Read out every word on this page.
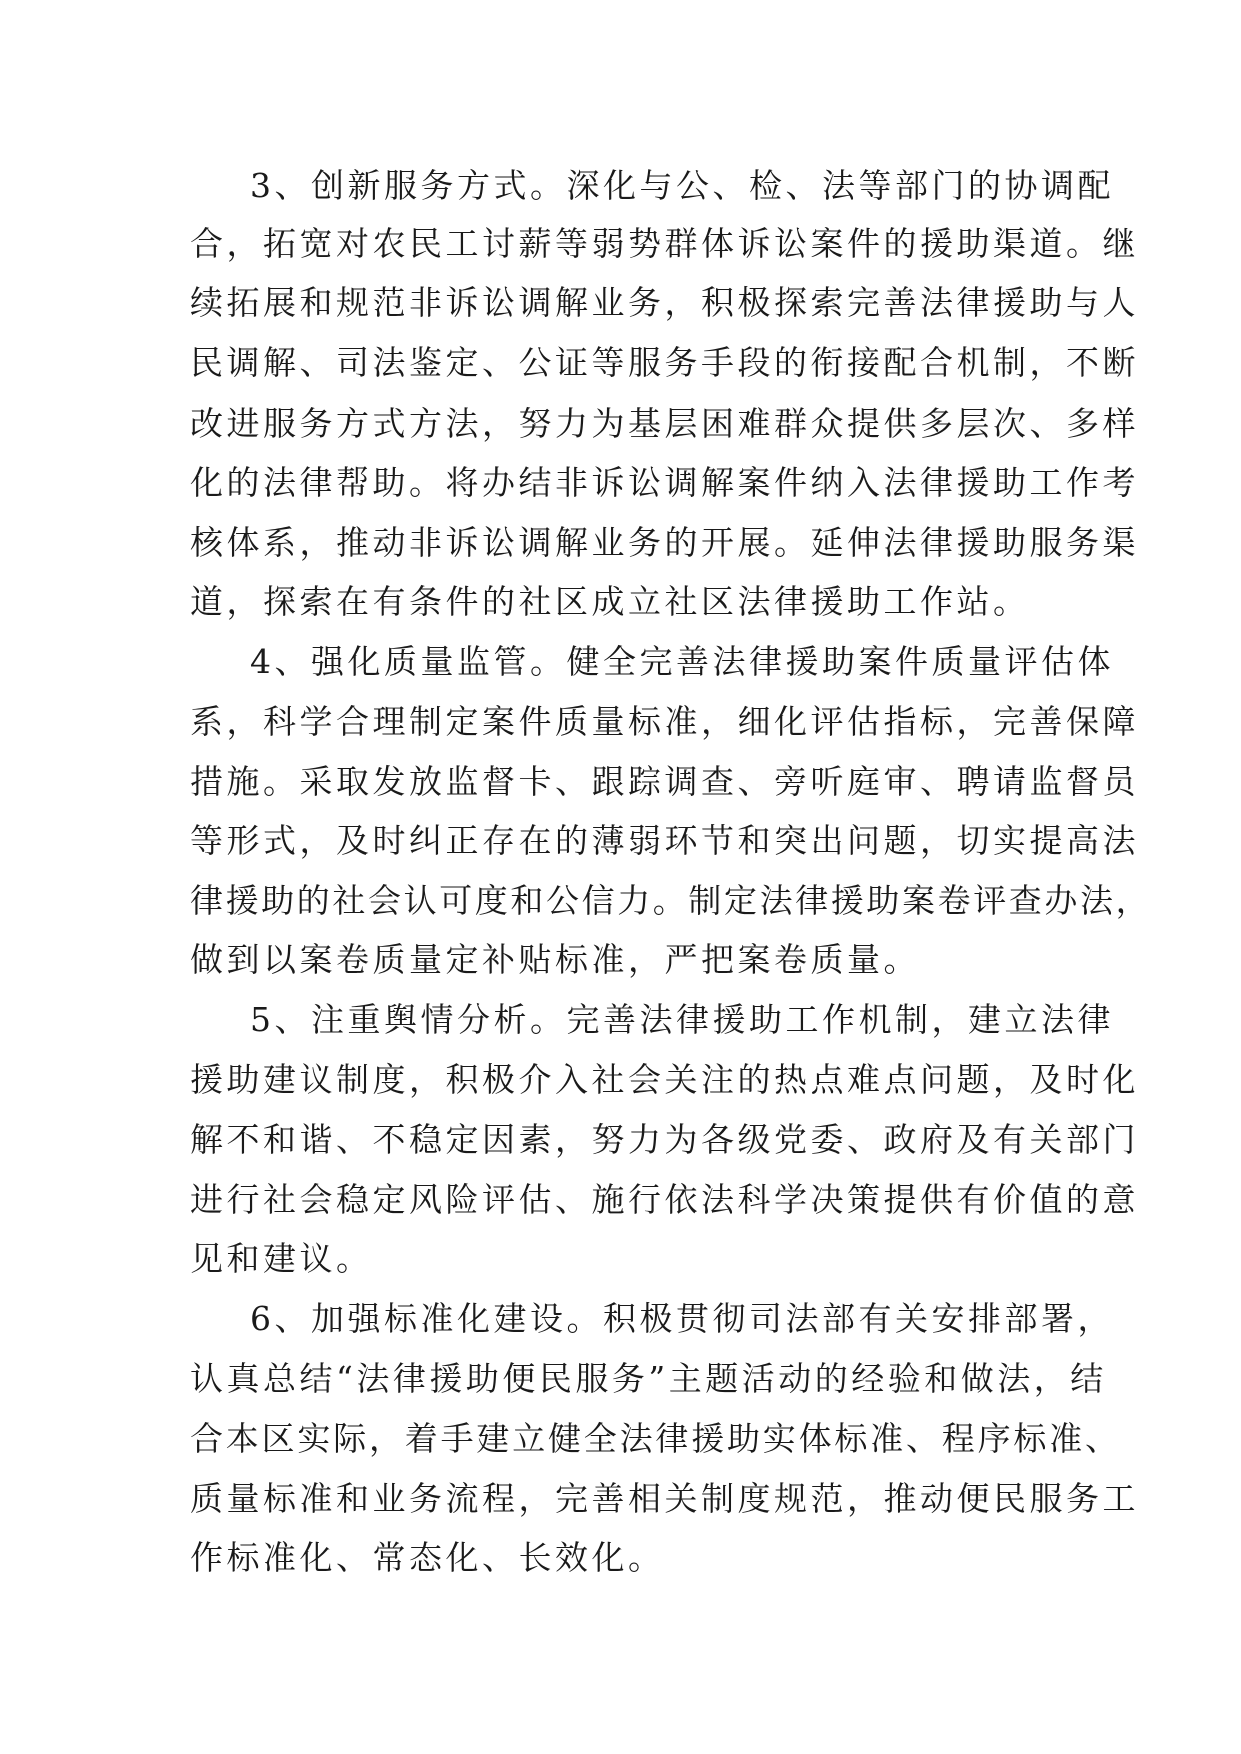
3、创新服务方式。深化与公、检、法等部门的协调配
合，拓宽对农民工讨薪等弱势群体诉讼案件的援助渠道。继
续拓展和规范非诉讼调解业务，积极探索完善法律援助与人
民调解、司法鉴定、公证等服务手段的衔接配合机制，不断
改进服务方式方法，努力为基层困难群众提供多层次、多样
化的法律帮助。将办结非诉讼调解案件纳入法律援助工作考
核体系，推动非诉讼调解业务的开展。延伸法律援助服务渠
道，探索在有条件的社区成立社区法律援助工作站。
4、强化质量监管。健全完善法律援助案件质量评估体
系，科学合理制定案件质量标准，细化评估指标，完善保障
措施。采取发放监督卡、跟踪调查、旁听庭审、聘请监督员
等形式，及时纠正存在的薄弱环节和突出问题，切实提高法
律援助的社会认可度和公信力。制定法律援助案卷评查办法，
做到以案卷质量定补贴标准，严把案卷质量。
5、注重舆情分析。完善法律援助工作机制，建立法律
援助建议制度，积极介入社会关注的热点难点问题，及时化
解不和谐、不稳定因素，努力为各级党委、政府及有关部门
进行社会稳定风险评估、施行依法科学决策提供有价值的意
见和建议。
6、加强标准化建设。积极贯彻司法部有关安排部署，
认真总结“法律援助便民服务”主题活动的经验和做法，结
合本区实际，着手建立健全法律援助实体标准、程序标准、
质量标准和业务流程，完善相关制度规范，推动便民服务工
作标准化、常态化、长效化。
